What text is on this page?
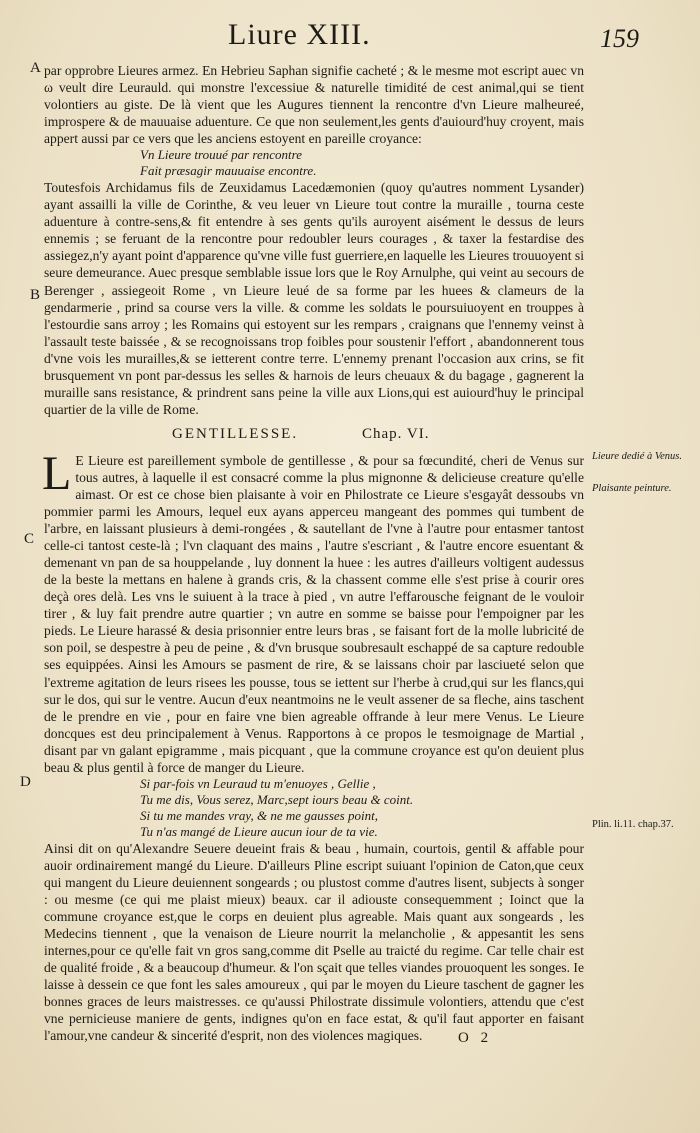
Liure XIII.	159
A
B
C
D

par opprobre Lieures armez. En Hebrieu Saphan signifie cacheté ; & le mesme mot escript auec vn ω veult dire Leurauld. qui monstre l'excessiue & naturelle timidité de cest animal,qui se tient volontiers au giste. De là vient que les Augures tiennent la rencontre d'vn Lieure malheureé, improspere & de mauuaise aduenture. Ce que non seulement,les gents d'auiourd'huy croyent, mais appert aussi par ce vers que les anciens estoyent en pareille croyance:

Vn Lieure trouué par rencontre
Fait præsagir mauuaise encontre.

Toutesfois Archidamus fils de Zeuxidamus Lacedæmonien (quoy qu'autres nomment Lysander) ayant assailli la ville de Corinthe, & veu leuer vn Lieure tout contre la muraille , tourna ceste aduenture à contre-sens,& fit entendre à ses gents qu'ils auroyent aisément le dessus de leurs ennemis ; se feruant de la rencontre pour redoubler leurs courages , & taxer la festardise des assiegez,n'y ayant point d'apparence qu'vne ville fust guerriere,en laquelle les Lieures trouuoyent si seure demeurance. Auec presque semblable issue lors que le Roy Arnulphe, qui veint au secours de Berenger , assiegeoit Rome , vn Lieure leué de sa forme par les huees & clameurs de la gendarmerie , prind sa course vers la ville. & comme les soldats le poursuiuoyent en trouppes à l'estourdie sans arroy ; les Romains qui estoyent sur les rempars , craignans que l'ennemy veinst à l'assault teste baissée , & se recognoissans trop foibles pour soustenir l'effort , abandonnerent tous d'vne vois les murailles,& se ietterent contre terre. L'ennemy prenant l'occasion aux crins, se fit brusquement vn pont par-dessus les selles & harnois de leurs cheuaux & du bagage , gagnerent la muraille sans resistance, & prindrent sans peine la ville aux Lions,qui est auiourd'huy le principal quartier de la ville de Rome.

GENTILLESSE.	Chap. VI.

L E Lieure est pareillement symbole de gentillesse , & pour sa fœcundité, cheri de Venus sur tous autres, à laquelle il est consacré comme la plus mignonne & delicieuse creature qu'elle aimast. Or est ce chose bien plaisante à voir en Philostrate ce Lieure s'esgayât dessoubs vn pommier parmi les Amours, lequel eux ayans apperceu mangeant des pommes qui tumbent de l'arbre, en laissant plusieurs à demi-rongées , & sautellant de l'vne à l'autre pour entasmer tantost celle-ci tantost ceste-là ; l'vn claquant des mains , l'autre s'escriant , & l'autre encore esuentant & demenant vn pan de sa houppelande , luy donnent la huee : les autres d'ailleurs voltigent audessus de la beste la mettans en halene à grands cris, & la chassent comme elle s'est prise à courir ores deçà ores delà. Les vns le suiuent à la trace à pied , vn autre l'effarousche feignant de le vouloir tirer , & luy fait prendre autre quartier ; vn autre en somme se baisse pour l'empoigner par les pieds. Le Lieure harassé & desia prisonnier entre leurs bras , se faisant fort de la molle lubricité de son poil, se despestre à peu de peine , & d'vn brusque soubresault eschappé de sa capture redouble ses equippées. Ainsi les Amours se pasment de rire, & se laissans choir par lasciueté selon que l'extreme agitation de leurs risees les pousse, tous se iettent sur l'herbe à crud,qui sur les flancs,qui sur le dos, qui sur le ventre. Aucun d'eux neantmoins ne le veult assener de sa fleche, ains taschent de le prendre en vie , pour en faire vne bien agreable offrande à leur mere Venus. Le Lieure doncques est deu principalement à Venus. Rapportons à ce propos le tesmoignage de Martial , disant par vn galant epigramme , mais picquant , que la commune croyance est qu'on deuient plus beau & plus gentil à force de manger du Lieure.

Si par-fois vn Leuraud tu m'enuoyes , Gellie ,
Tu me dis, Vous serez, Marc,sept iours beau & coint.
Si tu me mandes vray, & ne me gausses point,
Tu n'as mangé de Lieure aucun iour de ta vie.

Ainsi dit on qu'Alexandre Seuere deueint frais & beau , humain, courtois, gentil & affable pour auoir ordinairement mangé du Lieure. D'ailleurs Pline escript suiuant l'opinion de Caton,que ceux qui mangent du Lieure deuiennent songeards ; ou plustost comme d'autres lisent, subjects à songer : ou mesme (ce qui me plaist mieux) beaux. car il adiouste consequemment ; Ioinct que la commune croyance est,que le corps en deuient plus agreable. Mais quant aux songeards , les Medecins tiennent , que la venaison de Lieure nourrit la melancholie , & appesantit les sens internes,pour ce qu'elle fait vn gros sang,comme dit Pselle au traicté du regime. Car telle chair est de qualité froide , & a beaucoup d'humeur. & l'on sçait que telles viandes prouoquent les songes. Ie laisse à dessein ce que font les sales amoureux , qui par le moyen du Lieure taschent de gagner les bonnes graces de leurs maistresses. ce qu'aussi Philostrate dissimule volontiers, attendu que c'est vne pernicieuse maniere de gents, indignes qu'on en face estat, & qu'il faut apporter en faisant l'amour,vne candeur & sincerité d'esprit, non des violences magiques.

Lieure dedié à Venus.
Plaisante peinture.
Plin. li.11. chap.37.
O 2
